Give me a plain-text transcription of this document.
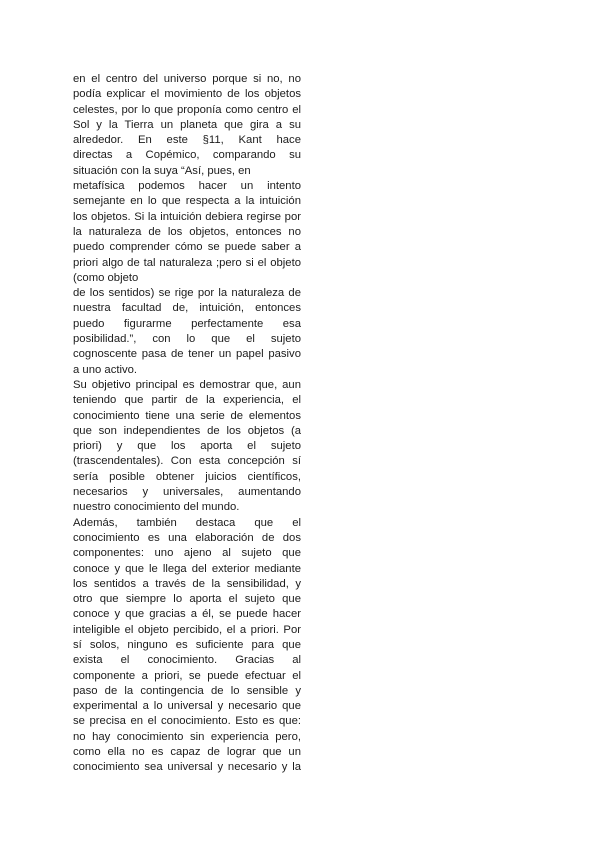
en el centro del universo porque si no, no
podía explicar el movimiento de los objetos
celestes, por lo que proponía como centro el
Sol y la Tierra un planeta que gira a su
alrededor. En este §11, Kant hace
directas a Copémico, comparando su
situación con la suya “Así, pues, en
metafísica podemos hacer un intento
semejante en lo que respecta a la intuición
los objetos. Si la intuición debiera regirse por
la naturaleza de los objetos, entonces no
puedo comprender cómo se puede saber a
priori algo de tal naturaleza ;pero si el objeto
(como objeto
de los sentidos) se rige por la naturaleza de
nuestra facultad de, intuición, entonces
puedo figurarme perfectamente esa
posibilidad.”, con lo que el sujeto
cognoscente pasa de tener un papel pasivo
a uno activo.
Su objetivo principal es demostrar que, aun
teniendo que partir de la experiencia, el
conocimiento tiene una serie de elementos
que son independientes de los objetos (a
priori) y que los aporta el sujeto
(trascendentales). Con esta concepción sí
sería posible obtener juicios científicos,
necesarios y universales, aumentando
nuestro conocimiento del mundo.
Además, también destaca que el
conocimiento es una elaboración de dos
componentes: uno ajeno al sujeto que
conoce y que le llega del exterior mediante
los sentidos a través de la sensibilidad, y
otro que siempre lo aporta el sujeto que
conoce y que gracias a él, se puede hacer
inteligible el objeto percibido, el a priori. Por
sí solos, ninguno es suficiente para que
exista el conocimiento. Gracias al
componente a priori, se puede efectuar el
paso de la contingencia de lo sensible y
experimental a lo universal y necesario que
se precisa en el conocimiento. Esto es que:
no hay conocimiento sin experiencia pero,
como ella no es capaz de lograr que un
conocimiento sea universal y necesario y la
